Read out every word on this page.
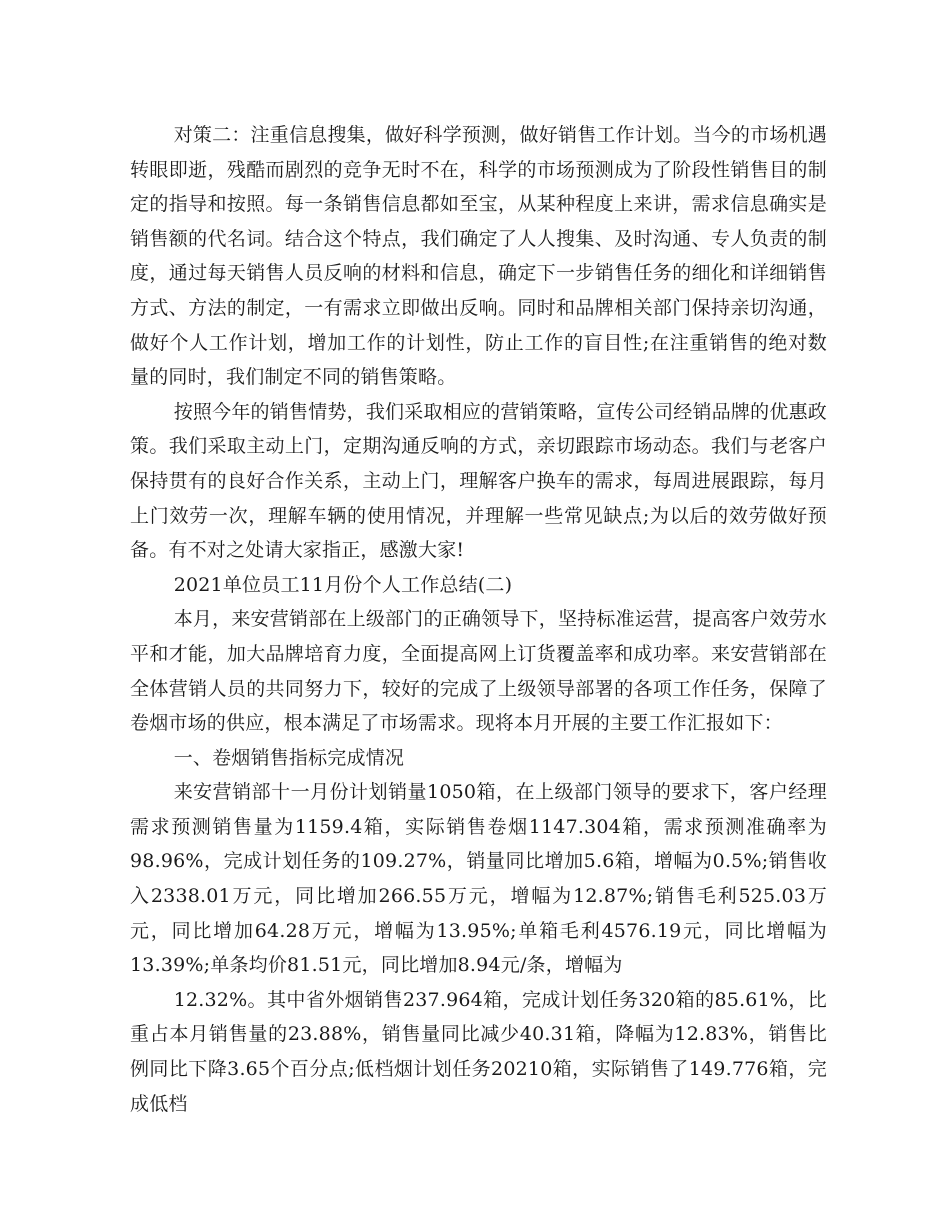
对策二：注重信息搜集，做好科学预测，做好销售工作计划。当今的市场机遇转眼即逝，残酷而剧烈的竞争无时不在，科学的市场预测成为了阶段性销售目的制定的指导和按照。每一条销售信息都如至宝，从某种程度上来讲，需求信息确实是销售额的代名词。结合这个特点，我们确定了人人搜集、及时沟通、专人负责的制度，通过每天销售人员反响的材料和信息，确定下一步销售任务的细化和详细销售方式、方法的制定，一有需求立即做出反响。同时和品牌相关部门保持亲切沟通，做好个人工作计划，增加工作的计划性，防止工作的盲目性;在注重销售的绝对数量的同时，我们制定不同的销售策略。

按照今年的销售情势，我们采取相应的营销策略，宣传公司经销品牌的优惠政策。我们采取主动上门，定期沟通反响的方式，亲切跟踪市场动态。我们与老客户保持贯有的良好合作关系，主动上门，理解客户换车的需求，每周进展跟踪，每月上门效劳一次，理解车辆的使用情况，并理解一些常见缺点;为以后的效劳做好预备。有不对之处请大家指正，感激大家!

2021单位员工11月份个人工作总结(二)

本月，来安营销部在上级部门的正确领导下，坚持标准运营，提高客户效劳水平和才能，加大品牌培育力度，全面提高网上订货覆盖率和成功率。来安营销部在全体营销人员的共同努力下，较好的完成了上级领导部署的各项工作任务，保障了卷烟市场的供应，根本满足了市场需求。现将本月开展的主要工作汇报如下：

一、卷烟销售指标完成情况

来安营销部十一月份计划销量1050箱，在上级部门领导的要求下，客户经理需求预测销售量为1159.4箱，实际销售卷烟1147.304箱，需求预测准确率为98.96%，完成计划任务的109.27%，销量同比增加5.6箱，增幅为0.5%;销售收入2338.01万元，同比增加266.55万元，增幅为12.87%;销售毛利525.03万元，同比增加64.28万元，增幅为13.95%;单箱毛利4576.19元，同比增幅为13.39%;单条均价81.51元，同比增加8.94元/条，增幅为

12.32%。其中省外烟销售237.964箱，完成计划任务320箱的85.61%，比重占本月销售量的23.88%，销售量同比减少40.31箱，降幅为12.83%，销售比例同比下降3.65个百分点;低档烟计划任务20210箱，实际销售了149.776箱，完成低档
